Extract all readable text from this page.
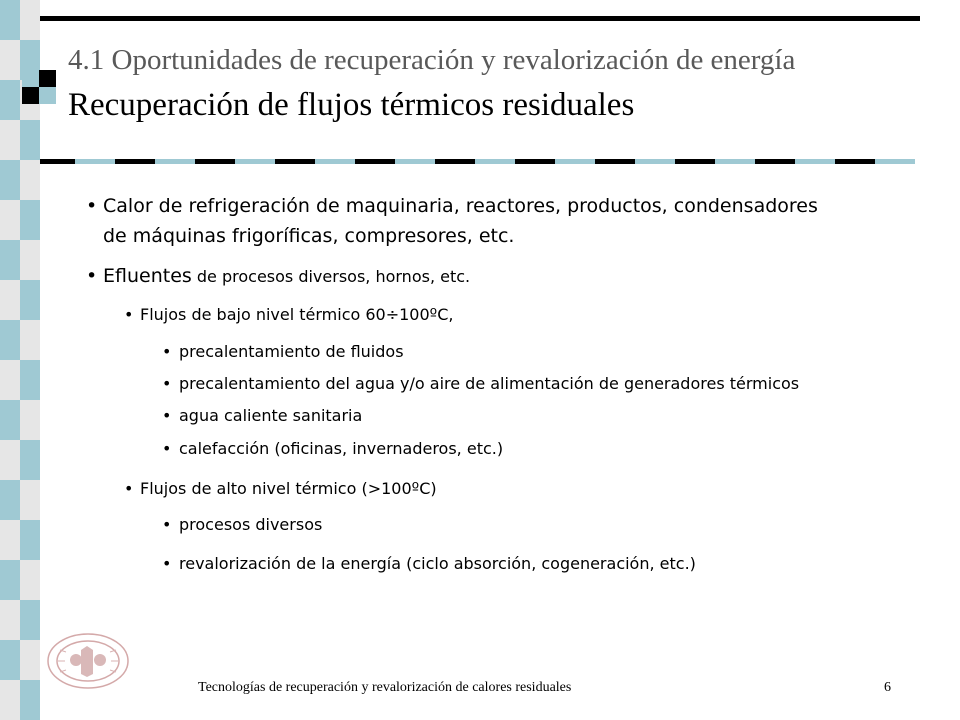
4.1 Oportunidades de recuperación y revalorización de energía
Recuperación de flujos térmicos residuales
• Calor de refrigeración de maquinaria, reactores, productos, condensadores
de máquinas frigoríficas, compresores, etc.
• Efluentes de procesos diversos, hornos, etc.
• Flujos de bajo nivel térmico 60÷100ºC,
• precalentamiento de fluidos
• precalentamiento del agua y/o aire de alimentación de generadores térmicos
• agua caliente sanitaria
• calefacción (oficinas, invernaderos, etc.)
• Flujos de alto nivel térmico (>100ºC)
• procesos diversos
• revalorización de la energía (ciclo absorción, cogeneración, etc.)
Tecnologías de recuperación y revalorización de calores residuales	6
